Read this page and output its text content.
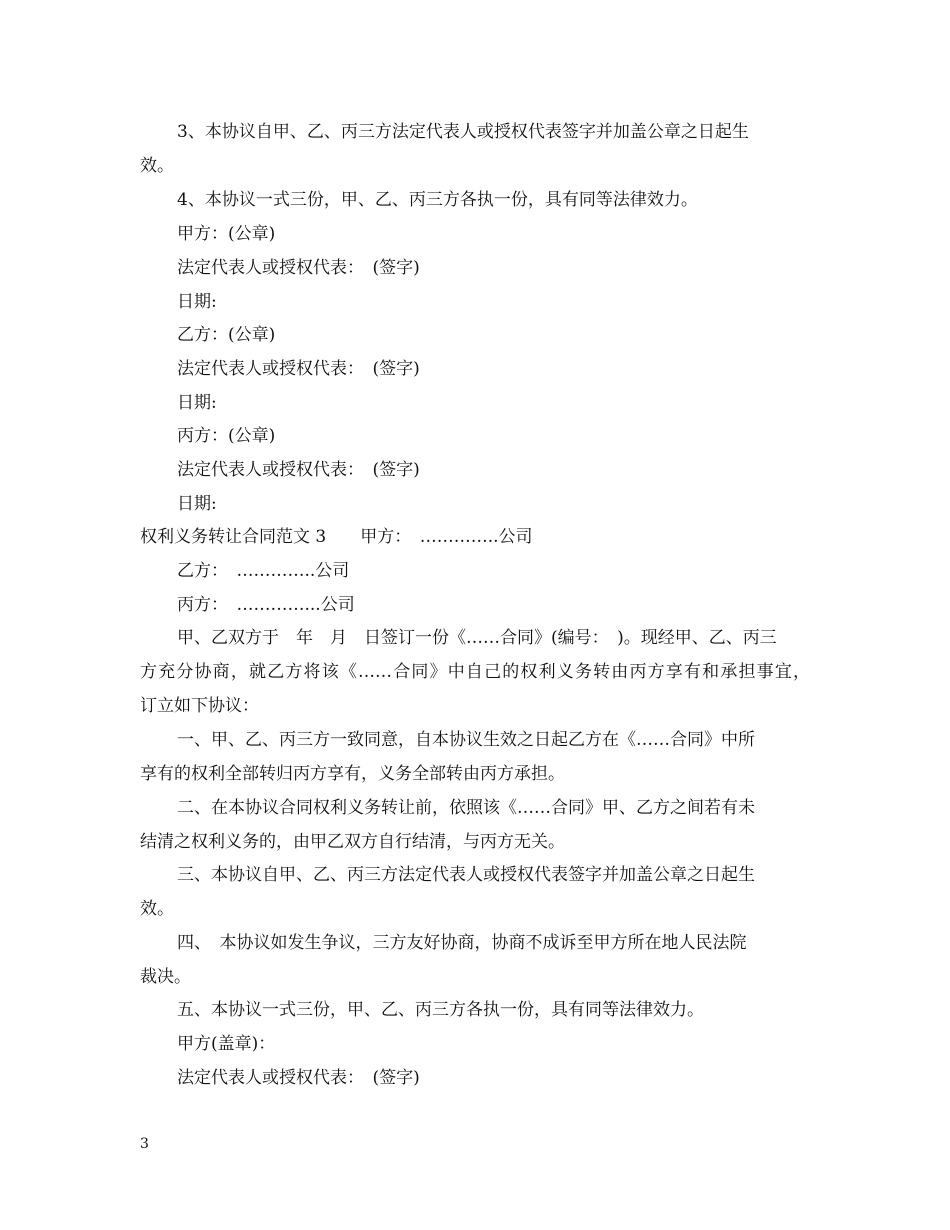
3、本协议自甲、乙、丙三方法定代表人或授权代表签字并加盖公章之日起生
效。
4、本协议一式三份，甲、乙、丙三方各执一份，具有同等法律效力。
甲方：(公章)
法定代表人或授权代表：　(签字)
日期:
乙方：(公章)
法定代表人或授权代表：　(签字)
日期:
丙方：(公章)
法定代表人或授权代表：　(签字)
日期:
权利义务转让合同范文 3　　甲方：　…………..公司
乙方：　…………..公司
丙方：　…………...公司
甲、乙双方于　年　月　日签订一份《……合同》(编号：　)。现经甲、乙、丙三
方充分协商，就乙方将该《……合同》中自己的权利义务转由丙方享有和承担事宜，
订立如下协议：
一、甲、乙、丙三方一致同意，自本协议生效之日起乙方在《……合同》中所
享有的权利全部转归丙方享有，义务全部转由丙方承担。
二、在本协议合同权利义务转让前，依照该《……合同》甲、乙方之间若有未
结清之权利义务的，由甲乙双方自行结清，与丙方无关。
三、本协议自甲、乙、丙三方法定代表人或授权代表签字并加盖公章之日起生
效。
四、　本协议如发生争议，三方友好协商，协商不成诉至甲方所在地人民法院
裁决。
五、本协议一式三份，甲、乙、丙三方各执一份，具有同等法律效力。
甲方(盖章)：
法定代表人或授权代表：　(签字)
3
